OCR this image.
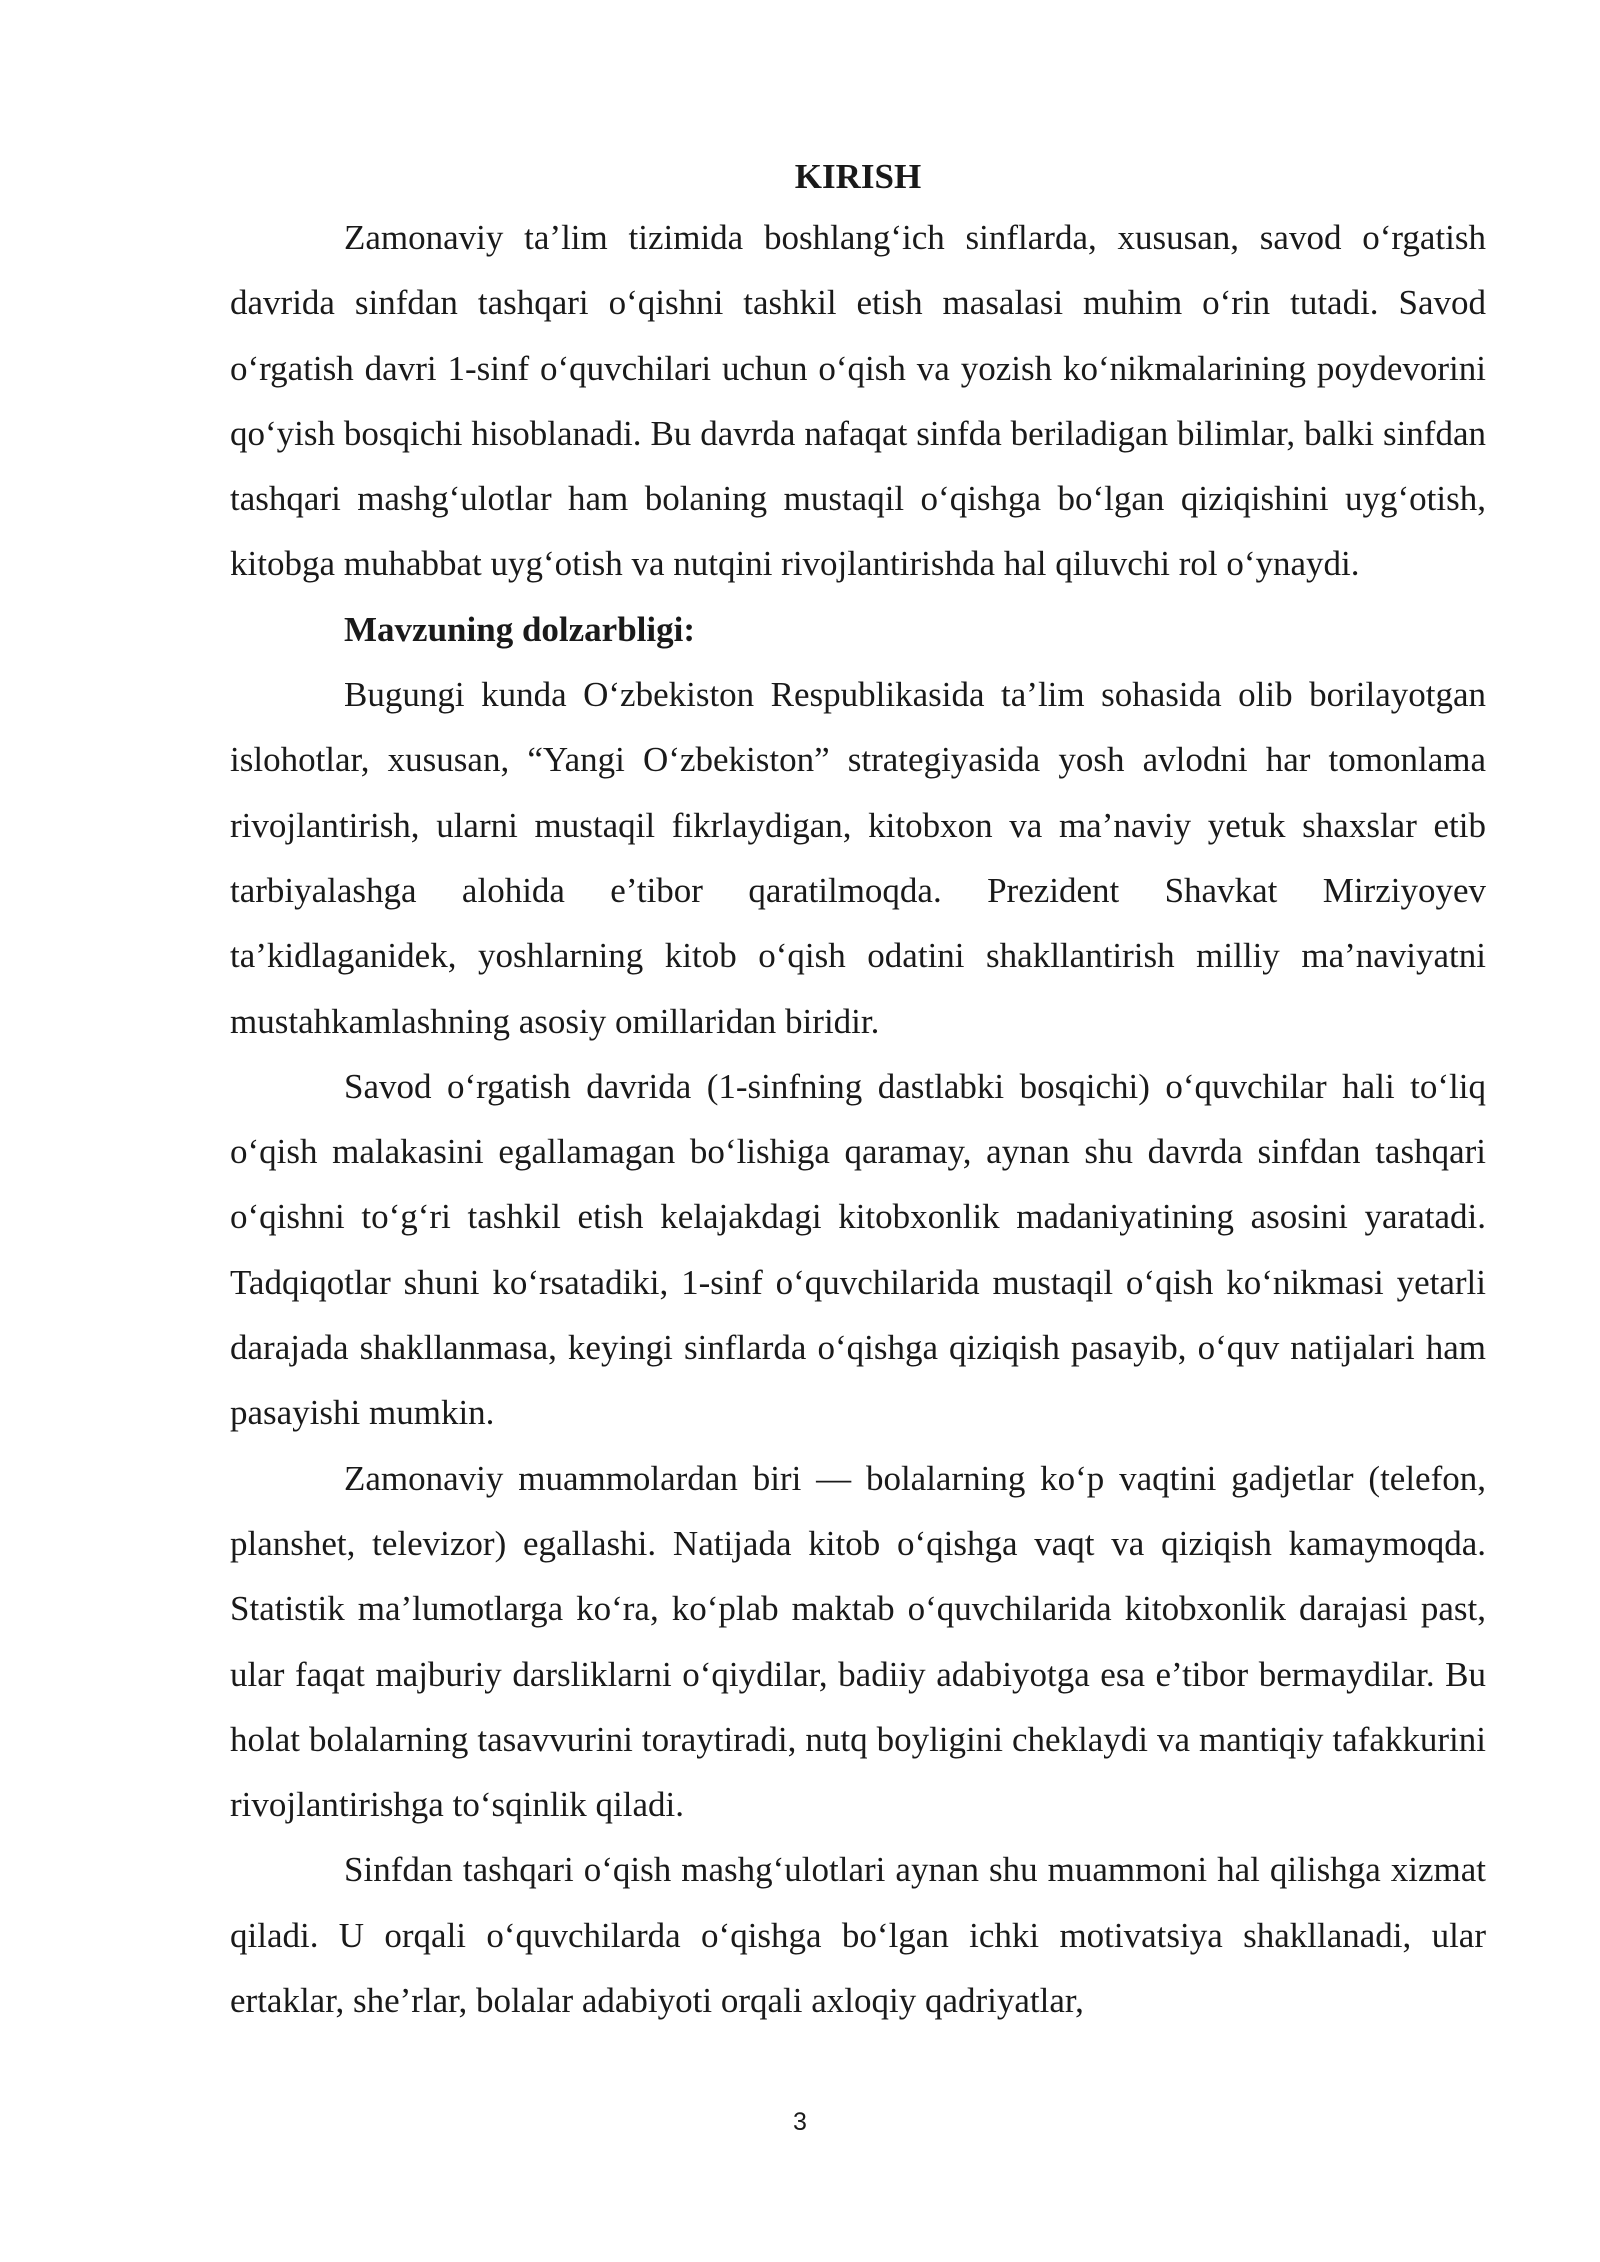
KIRISH

Zamonaviy ta’lim tizimida boshlang‘ich sinflarda, xususan, savod o‘rgatish davrida sinfdan tashqari o‘qishni tashkil etish masalasi muhim o‘rin tutadi. Savod o‘rgatish davri 1-sinf o‘quvchilari uchun o‘qish va yozish ko‘nikmalarining poydevorini qo‘yish bosqichi hisoblanadi. Bu davrda nafaqat sinfda beriladigan bilimlar, balki sinfdan tashqari mashg‘ulotlar ham bolaning mustaqil o‘qishga bo‘lgan qiziqishini uyg‘otish, kitobga muhabbat uyg‘otish va nutqini rivojlantirishda hal qiluvchi rol o‘ynaydi.

Mavzuning dolzarbligi:

Bugungi kunda O‘zbekiston Respublikasida ta’lim sohasida olib borilayotgan islohotlar, xususan, “Yangi O‘zbekiston” strategiyasida yosh avlodni har tomonlama rivojlantirish, ularni mustaqil fikrlaydigan, kitobxon va ma’naviy yetuk shaxslar etib tarbiyalashga alohida e’tibor qaratilmoqda. Prezident Shavkat Mirziyoyev ta’kidlaganidek, yoshlarning kitob o‘qish odatini shakllantirish milliy ma’naviyatni mustahkamlashning asosiy omillaridan biridir.

Savod o‘rgatish davrida (1-sinfning dastlabki bosqichi) o‘quvchilar hali to‘liq o‘qish malakasini egallamagan bo‘lishiga qaramay, aynan shu davrda sinfdan tashqari o‘qishni to‘g‘ri tashkil etish kelajakdagi kitobxonlik madaniyatining asosini yaratadi. Tadqiqotlar shuni ko‘rsatadiki, 1-sinf o‘quvchilarida mustaqil o‘qish ko‘nikmasi yetarli darajada shakllanmasa, keyingi sinflarda o‘qishga qiziqish pasayib, o‘quv natijalari ham pasayishi mumkin.

Zamonaviy muammolardan biri — bolalarning ko‘p vaqtini gadjetlar (telefon, planshet, televizor) egallashi. Natijada kitob o‘qishga vaqt va qiziqish kamaymoqda. Statistik ma’lumotlarga ko‘ra, ko‘plab maktab o‘quvchilarida kitobxonlik darajasi past, ular faqat majburiy darsliklarni o‘qiydilar, badiiy adabiyotga esa e’tibor bermaydilar. Bu holat bolalarning tasavvurini toraytiradi, nutq boyligini cheklaydi va mantiqiy tafakkurini rivojlantirishga to‘sqinlik qiladi.

Sinfdan tashqari o‘qish mashg‘ulotlari aynan shu muammoni hal qilishga xizmat qiladi. U orqali o‘quvchilarda o‘qishga bo‘lgan ichki motivatsiya shakllanadi, ular ertaklar, she’rlar, bolalar adabiyoti orqali axloqiy qadriyatlar,

3
